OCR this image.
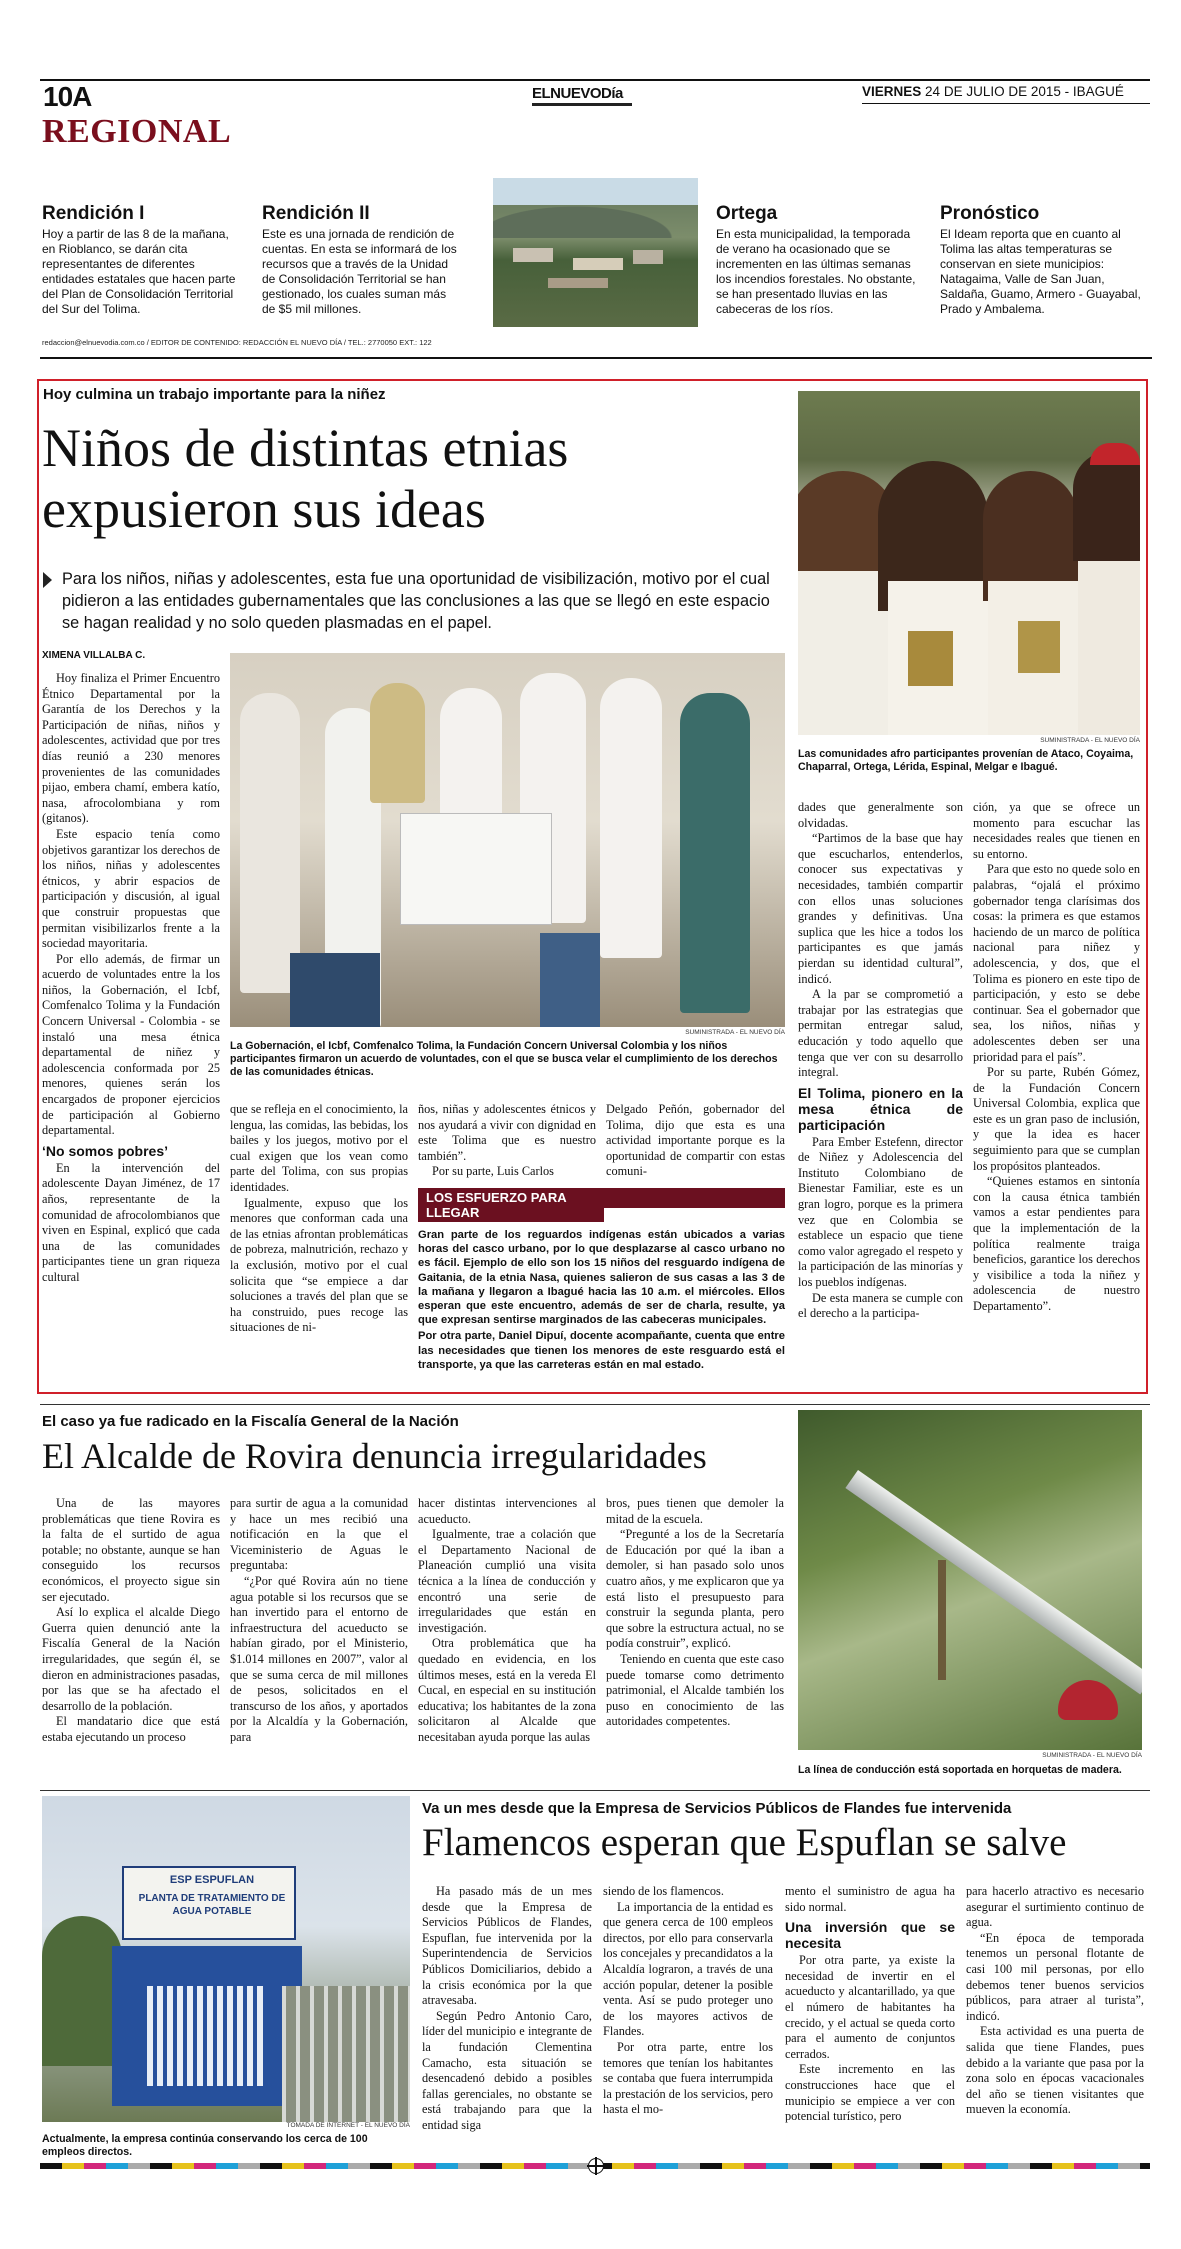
10A
REGIONAL
ELNUEVODía	VIERNES 24 DE JULIO DE 2015 - IBAGUÉ
Rendición I
Hoy a partir de las 8 de la mañana, en Rioblanco, se darán cita representantes de diferentes entidades estatales que hacen parte del Plan de Consolidación Territorial del Sur del Tolima.
Rendición II
Este es una jornada de rendición de cuentas. En esta se informará de los recursos que a través de la Unidad de Consolidación Territorial se han gestionado, los cuales suman más de $5 mil millones.
Ortega
En esta municipalidad, la temporada de verano ha ocasionado que se incrementen en las últimas semanas los incendios forestales. No obstante, se han presentado lluvias en las cabeceras de los ríos.
Pronóstico
El Ideam reporta que en cuanto al Tolima las altas temperaturas se conservan en siete municipios: Natagaima, Valle de San Juan, Saldaña, Guamo, Armero - Guayabal, Prado y Ambalema.
redaccion@elnuevodia.com.co / EDITOR DE CONTENIDO: REDACCIÓN EL NUEVO DÍA / TEL.: 2770050 EXT.: 122
Hoy culmina un trabajo importante para la niñez
Niños de distintas etnias expusieron sus ideas
Para los niños, niñas y adolescentes, esta fue una oportunidad de visibilización, motivo por el cual pidieron a las entidades gubernamentales que las conclusiones a las que se llegó en este espacio se hagan realidad y no solo queden plasmadas en el papel.
XIMENA VILLALBA C.
SUMINISTRADA - EL NUEVO DÍA
La Gobernación, el Icbf, Comfenalco Tolima, la Fundación Concern Universal Colombia y los niños participantes firmaron un acuerdo de voluntades, con el que se busca velar el cumplimiento de los derechos de las comunidades étnicas.
SUMINISTRADA - EL NUEVO DÍA
Las comunidades afro participantes provenían de Ataco, Coyaima, Chaparral, Ortega, Lérida, Espinal, Melgar e Ibagué.

Hoy finaliza el Primer Encuentro Étnico Departamental por la Garantía de los Derechos y la Participación de niñas, niños y adolescentes, actividad que por tres días reunió a 230 menores provenientes de las comunidades pijao, embera chamí, embera katío, nasa, afrocolombiana y rom (gitanos).

Este espacio tenía como objetivos garantizar los derechos de los niños, niñas y adolescentes étnicos, y abrir espacios de participación y discusión, al igual que construir propuestas que permitan visibilizarlos frente a la sociedad mayoritaria.

Por ello además, de firmar un acuerdo de voluntades entre la los niños, la Gobernación, el Icbf, Comfenalco Tolima y la Fundación Concern Universal - Colombia - se instaló una mesa étnica departamental de niñez y adolescencia conformada por 25 menores, quienes serán los encargados de proponer ejercicios de participación al Gobierno departamental.

‘No somos pobres’

En la intervención del adolescente Dayan Jiménez, de 17 años, representante de la comunidad de afrocolombianos que viven en Espinal, explicó que cada una de las comunidades participantes tiene un gran riqueza cultural

que se refleja en el conocimiento, la lengua, las comidas, las bebidas, los bailes y los juegos, motivo por el cual exigen que los vean como parte del Tolima, con sus propias identidades.

Igualmente, expuso que los menores que conforman cada una de las etnias afrontan problemáticas de pobreza, malnutrición, rechazo y la exclusión, motivo por el cual solicita que “se empiece a dar soluciones a través del plan que se ha construido, pues recoge las situaciones de ni-

ños, niñas y adolescentes étnicos y nos ayudará a vivir con dignidad en este Tolima que es nuestro también”.

Por su parte, Luis Carlos

Delgado Peñón, gobernador del Tolima, dijo que esta es una actividad importante porque es la oportunidad de compartir con estas comuni-

LOS ESFUERZO PARA LLEGAR
Gran parte de los reguardos indígenas están ubicados a varias horas del casco urbano, por lo que desplazarse al casco urbano no es fácil. Ejemplo de ello son los 15 niños del resguardo indígena de Gaitania, de la etnia Nasa, quienes salieron de sus casas a las 3 de la mañana y llegaron a Ibagué hacia las 10 a.m. el miércoles. Ellos esperan que este encuentro, además de ser de charla, resulte, ya que expresan sentirse marginados de las cabeceras municipales.
Por otra parte, Daniel Dipuí, docente acompañante, cuenta que entre las necesidades que tienen los menores de este resguardo está el transporte, ya que las carreteras están en mal estado.

dades que generalmente son olvidadas.

“Partimos de la base que hay que escucharlos, entenderlos, conocer sus expectativas y necesidades, también compartir con ellos unas soluciones grandes y definitivas. Una suplica que les hice a todos los participantes es que jamás pierdan su identidad cultural”, indicó.

A la par se comprometió a trabajar por las estrategias que permitan entregar salud, educación y todo aquello que tenga que ver con su desarrollo integral.

El Tolima, pionero en la mesa étnica de participación

Para Ember Estefenn, director de Niñez y Adolescencia del Instituto Colombiano de Bienestar Familiar, este es un gran logro, porque es la primera vez que en Colombia se establece un espacio que tiene como valor agregado el respeto y la participación de las minorías y los pueblos indígenas.

De esta manera se cumple con el derecho a la participa-

ción, ya que se ofrece un momento para escuchar las necesidades reales que tienen en su entorno.

Para que esto no quede solo en palabras, “ojalá el próximo gobernador tenga clarísimas dos cosas: la primera es que estamos haciendo de un marco de política nacional para niñez y adolescencia, y dos, que el Tolima es pionero en este tipo de participación, y esto se debe continuar. Sea el gobernador que sea, los niños, niñas y adolescentes deben ser una prioridad para el país”.

Por su parte, Rubén Gómez, de la Fundación Concern Universal Colombia, explica que este es un gran paso de inclusión, y que la idea es hacer seguimiento para que se cumplan los propósitos planteados.

“Quienes estamos en sintonía con la causa étnica también vamos a estar pendientes para que la implementación de la política realmente traiga beneficios, garantice los derechos y visibilice a toda la niñez y adolescencia de nuestro Departamento”.

El caso ya fue radicado en la Fiscalía General de la Nación
El Alcalde de Rovira denuncia irregularidades

Una de las mayores problemáticas que tiene Rovira es la falta de el surtido de agua potable; no obstante, aunque se han conseguido los recursos económicos, el proyecto sigue sin ser ejecutado.

Así lo explica el alcalde Diego Guerra quien denunció ante la Fiscalía General de la Nación irregularidades, que según él, se dieron en administraciones pasadas, por las que se ha afectado el desarrollo de la población.

El mandatario dice que está estaba ejecutando un proceso

para surtir de agua a la comunidad y hace un mes recibió una notificación en la que el Viceministerio de Aguas le preguntaba:

“¿Por qué Rovira aún no tiene agua potable si los recursos que se han invertido para el entorno de infraestructura del acueducto se habían girado, por el Ministerio, $1.014 millones en 2007”, valor al que se suma cerca de mil millones de pesos, solicitados en el transcurso de los años, y aportados por la Alcaldía y la Gobernación, para

hacer distintas intervenciones al acueducto.

Igualmente, trae a colación que el Departamento Nacional de Planeación cumplió una visita técnica a la línea de conducción y encontró una serie de irregularidades que están en investigación.

Otra problemática que ha quedado en evidencia, en los últimos meses, está en la vereda El Cucal, en especial en su institución educativa; los habitantes de la zona solicitaron al Alcalde que necesitaban ayuda porque las aulas

bros, pues tienen que demoler la mitad de la escuela.

“Pregunté a los de la Secretaría de Educación por qué la iban a demoler, si han pasado solo unos cuatro años, y me explicaron que ya está listo el presupuesto para construir la segunda planta, pero que sobre la estructura actual, no se podía construir”, explicó.

Teniendo en cuenta que este caso puede tomarse como detrimento patrimonial, el Alcalde también los puso en conocimiento de las autoridades competentes.

SUMINISTRADA - EL NUEVO DÍA
La línea de conducción está soportada en horquetas de madera.
ESP ESPUFLAN
PLANTA DE TRATAMIENTO DE AGUA POTABLE
TOMADA DE INTERNET - EL NUEVO DÍA
Actualmente, la empresa continúa conservando los cerca de 100 empleos directos.
Va un mes desde que la Empresa de Servicios Públicos de Flandes fue intervenida
Flamencos esperan que Espuflan se salve

Ha pasado más de un mes desde que la Empresa de Servicios Públicos de Flandes, Espuflan, fue intervenida por la Superintendencia de Servicios Públicos Domiciliarios, debido a la crisis económica por la que atravesaba.

Según Pedro Antonio Caro, líder del municipio e integrante de la fundación Clementina Camacho, esta situación se desencadenó debido a posibles fallas gerenciales, no obstante se está trabajando para que la entidad siga

siendo de los flamencos.

La importancia de la entidad es que genera cerca de 100 empleos directos, por ello para conservarla los concejales y precandidatos a la Alcaldía lograron, a través de una acción popular, detener la posible venta. Así se pudo proteger uno de los mayores activos de Flandes.

Por otra parte, entre los temores que tenían los habitantes se contaba que fuera interrumpida la prestación de los servicios, pero hasta el mo-

mento el suministro de agua ha sido normal.

Una inversión que se necesita

Por otra parte, ya existe la necesidad de invertir en el acueducto y alcantarillado, ya que el número de habitantes ha crecido, y el actual se queda corto para el aumento de conjuntos cerrados.

Este incremento en las construcciones hace que el municipio se empiece a ver con potencial turístico, pero

para hacerlo atractivo es necesario asegurar el surtimiento continuo de agua.

“En época de temporada tenemos un personal flotante de casi 100 mil personas, por ello debemos tener buenos servicios públicos, para atraer al turista”, indicó.

Esta actividad es una puerta de salida que tiene Flandes, pues debido a la variante que pasa por la zona solo en épocas vacacionales del año se tienen visitantes que mueven la economía.
